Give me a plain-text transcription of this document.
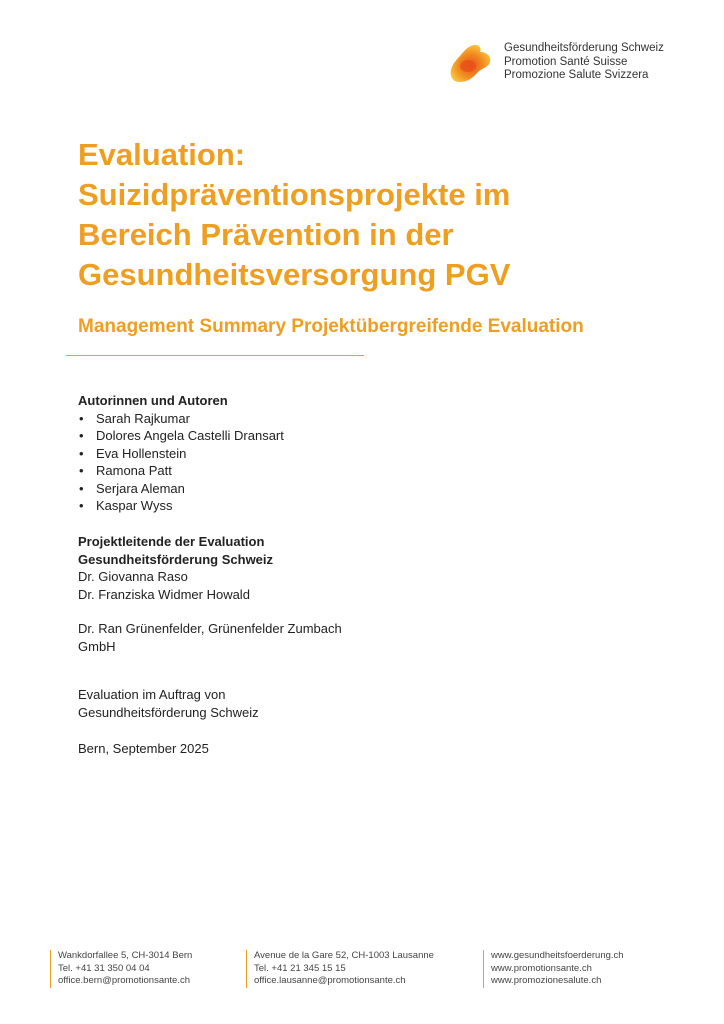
Gesundheitsförderung Schweiz
Promotion Santé Suisse
Promozione Salute Svizzera
Evaluation:
Suizidpräventionsprojekte im
Bereich Prävention in der
Gesundheitsversorgung PGV
Management Summary Projektübergreifende Evaluation
Autorinnen und Autoren
• Sarah Rajkumar
• Dolores Angela Castelli Dransart
• Eva Hollenstein
• Ramona Patt
• Serjara Aleman
• Kaspar Wyss
Projektleitende der Evaluation
Gesundheitsförderung Schweiz
Dr. Giovanna Raso
Dr. Franziska Widmer Howald
Dr. Ran Grünenfelder, Grünenfelder Zumbach GmbH
Evaluation im Auftrag von
Gesundheitsförderung Schweiz
Bern, September 2025
Wankdorfallee 5, CH-3014 Bern
Tel. +41 31 350 04 04
office.bern@promotionsante.ch
Avenue de la Gare 52, CH-1003 Lausanne
Tel. +41 21 345 15 15
office.lausanne@promotionsante.ch
www.gesundheitsfoerderung.ch
www.promotionsante.ch
www.promozionesalute.ch
